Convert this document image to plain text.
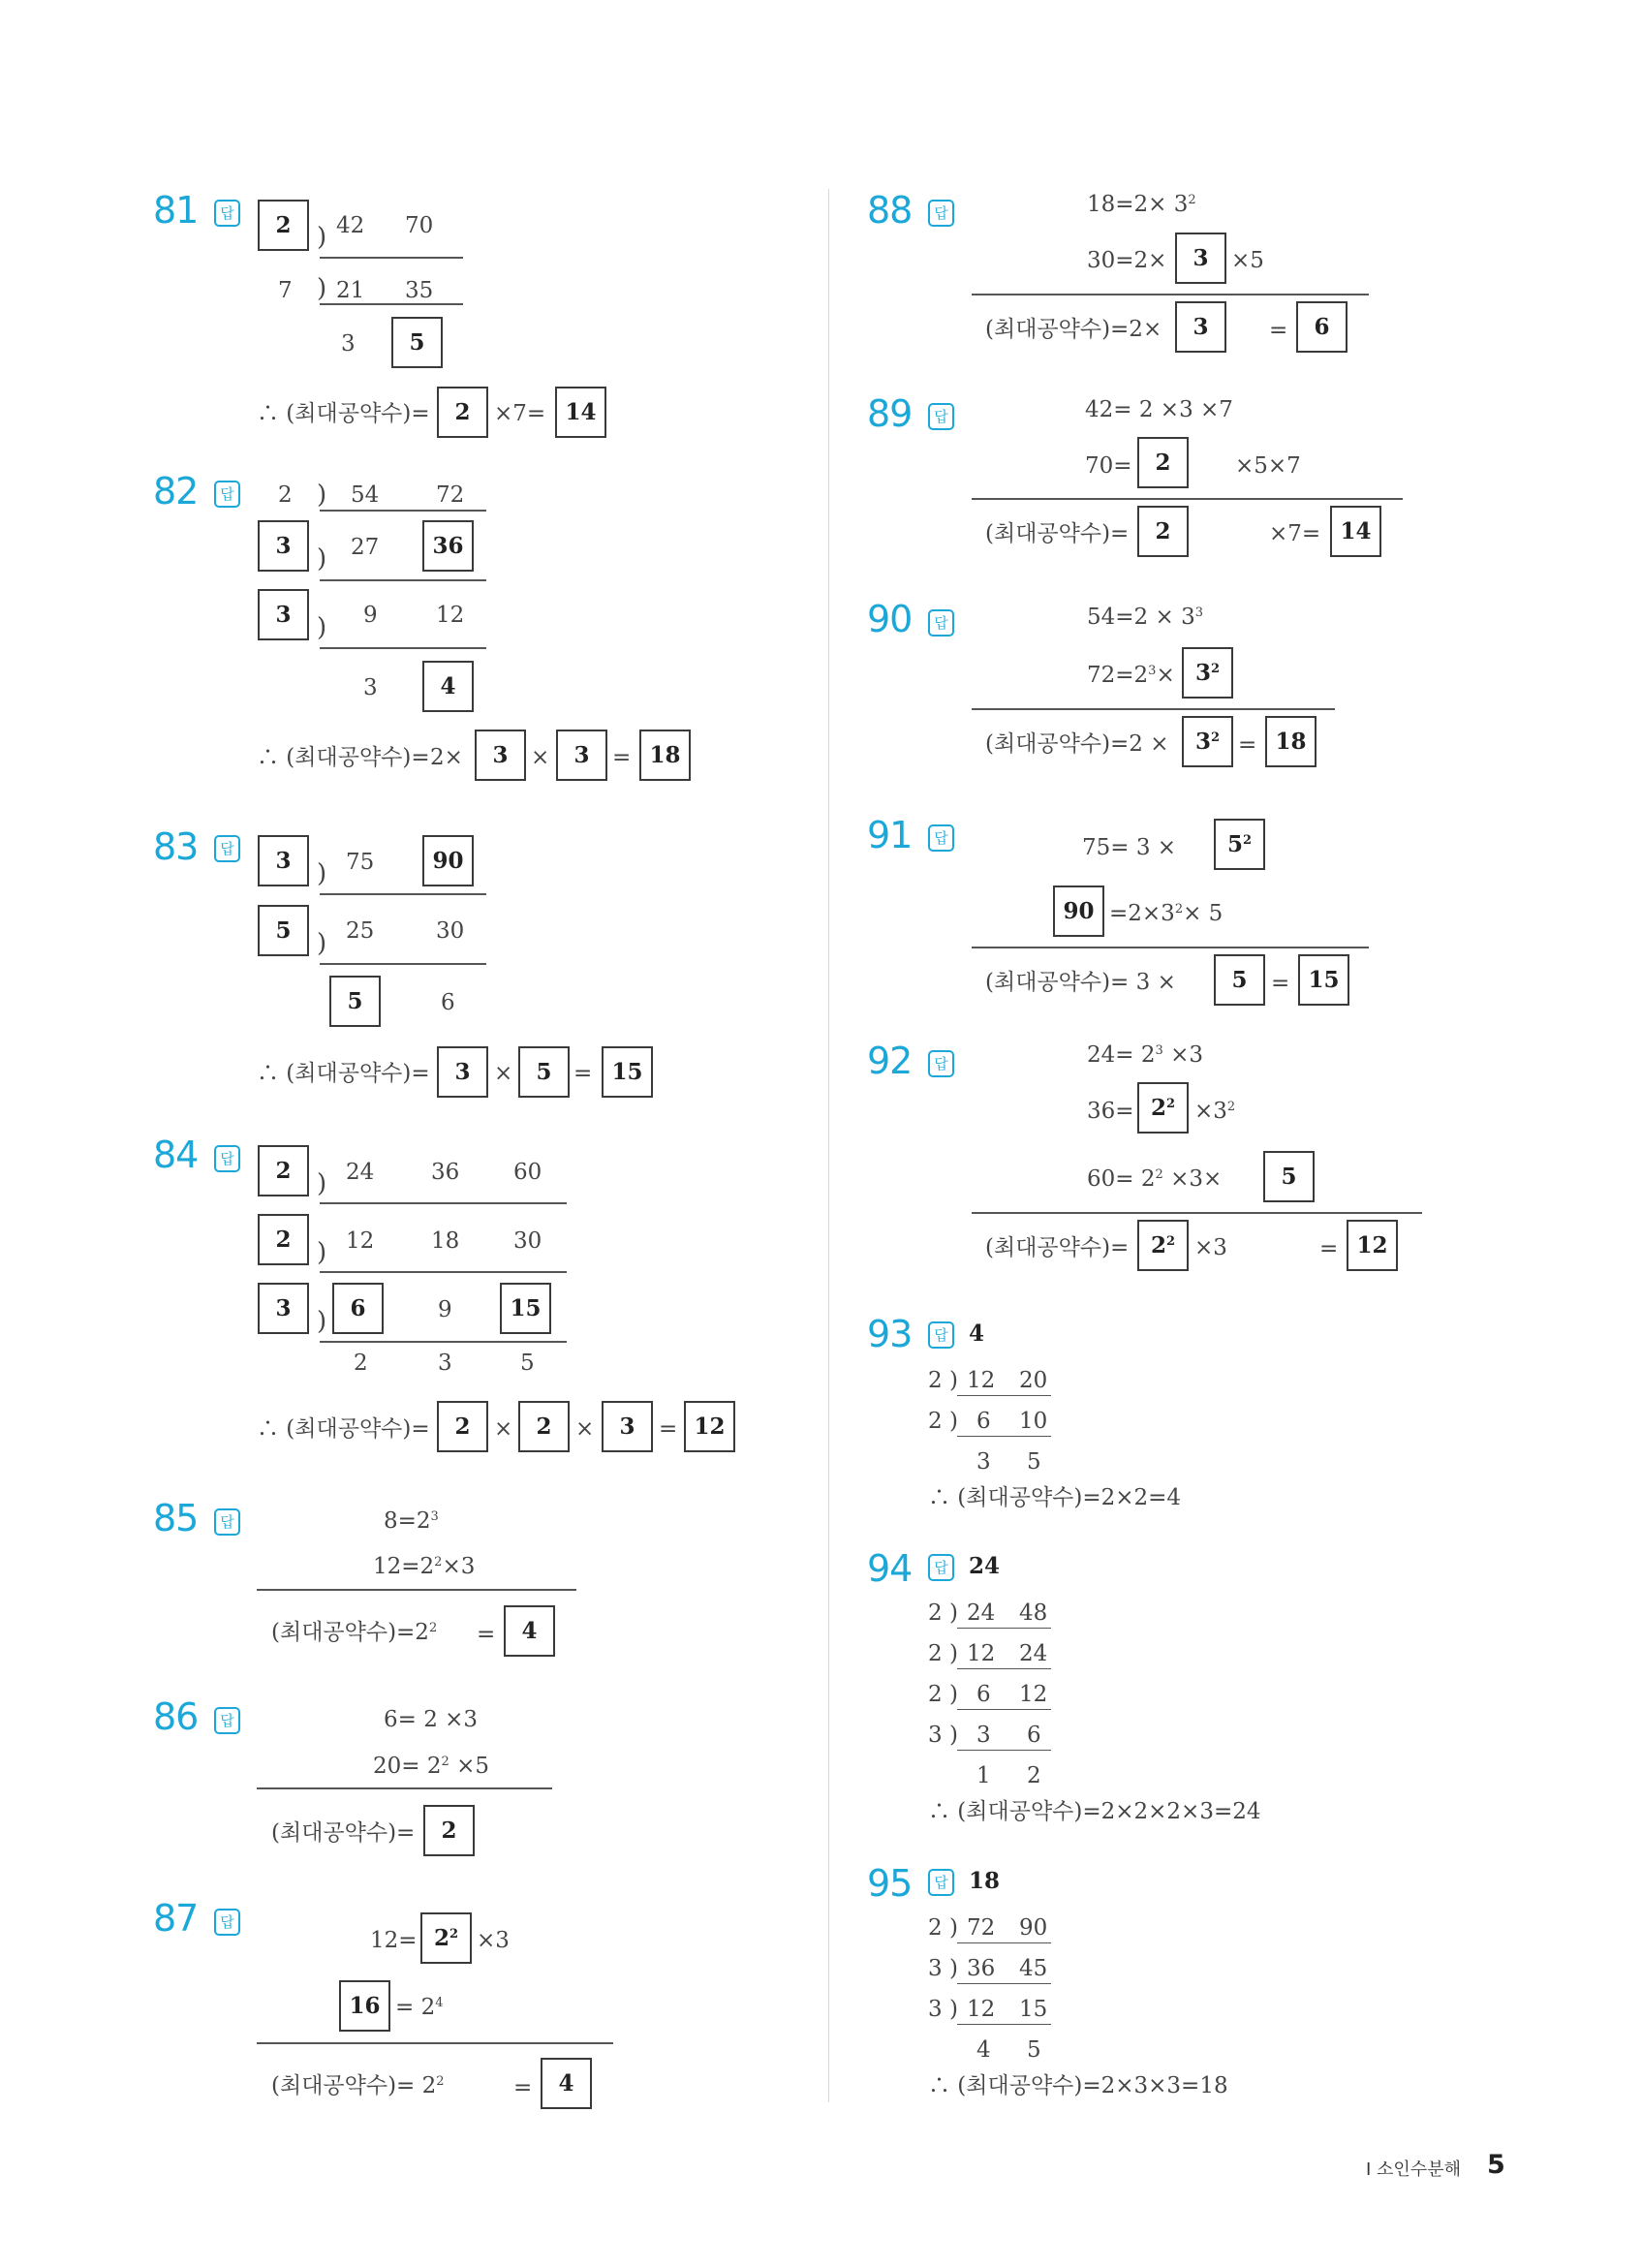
81	답	2	) 42 70
7 ) 21 35
3	5
∴ (최대공약수)=	2	×7= 14
82	답 2 ) 54	72
3	) 27	36
3	) 9	12
3	4
∴ (최대공약수)= 2×	3	×	3	= 18
83	답	3	) 75	90
5	) 25	30
5	6
∴ (최대공약수)=	3	×	5 = 15
84	답	2	) 24	36 60
2	) 12	18 30
3	)	6	9	15
2	3	5
∴ (최대공약수)=	2	×	2	×	3	= 12
85	답	$8=2^3$
$12=2^2\times 3$
(최대공약수)$=2^2$ =	4
86	답	6= 2 ×3
$20= 2^2 \times 5$
(최대공약수)=	2
87	답
$12= 2^2 \times 3$
$16 = 2^4$
(최대공약수)= $2^2$	=	4
88	답	$18=2\times 3^2$
30=2×	3	×5
(최대공약수)=2×	3	=	6
89	답	42= 2 ×3 ×7
70=	2	×5×7
(최대공약수)=	2	×7= 14
90	답	$54=2 \times 3^3$
$72=2^3\times 3^2$
(최대공약수)=2 ×	$3^2 = 18$
91	답	75= 3 ×	$5^2$
$90 =2\times 3^2\times 5$
(최대공약수)= 3 ×	5	= 15
92	답	$24= 2^3 \times 3$
$36= 2^2 \times 3^2$
$60= 2^2 \times 3\times$	5
(최대공약수)= $2^2 \times 3$	= 12
93	답 4
2 ) 12 20
2 ) 6 10
3 5
∴ (최대공약수)=2×2=4
94	답 24
2 ) 24 48
2 ) 12 24
2 ) 6 12
3 ) 3 6
1 2
∴ (최대공약수)=2×2×2×3=24
95	답 18
2 ) 72 90
3 ) 36 45
3 ) 12 15
4 5
∴ (최대공약수)=2×3×3=18
I 소인수분해 5
